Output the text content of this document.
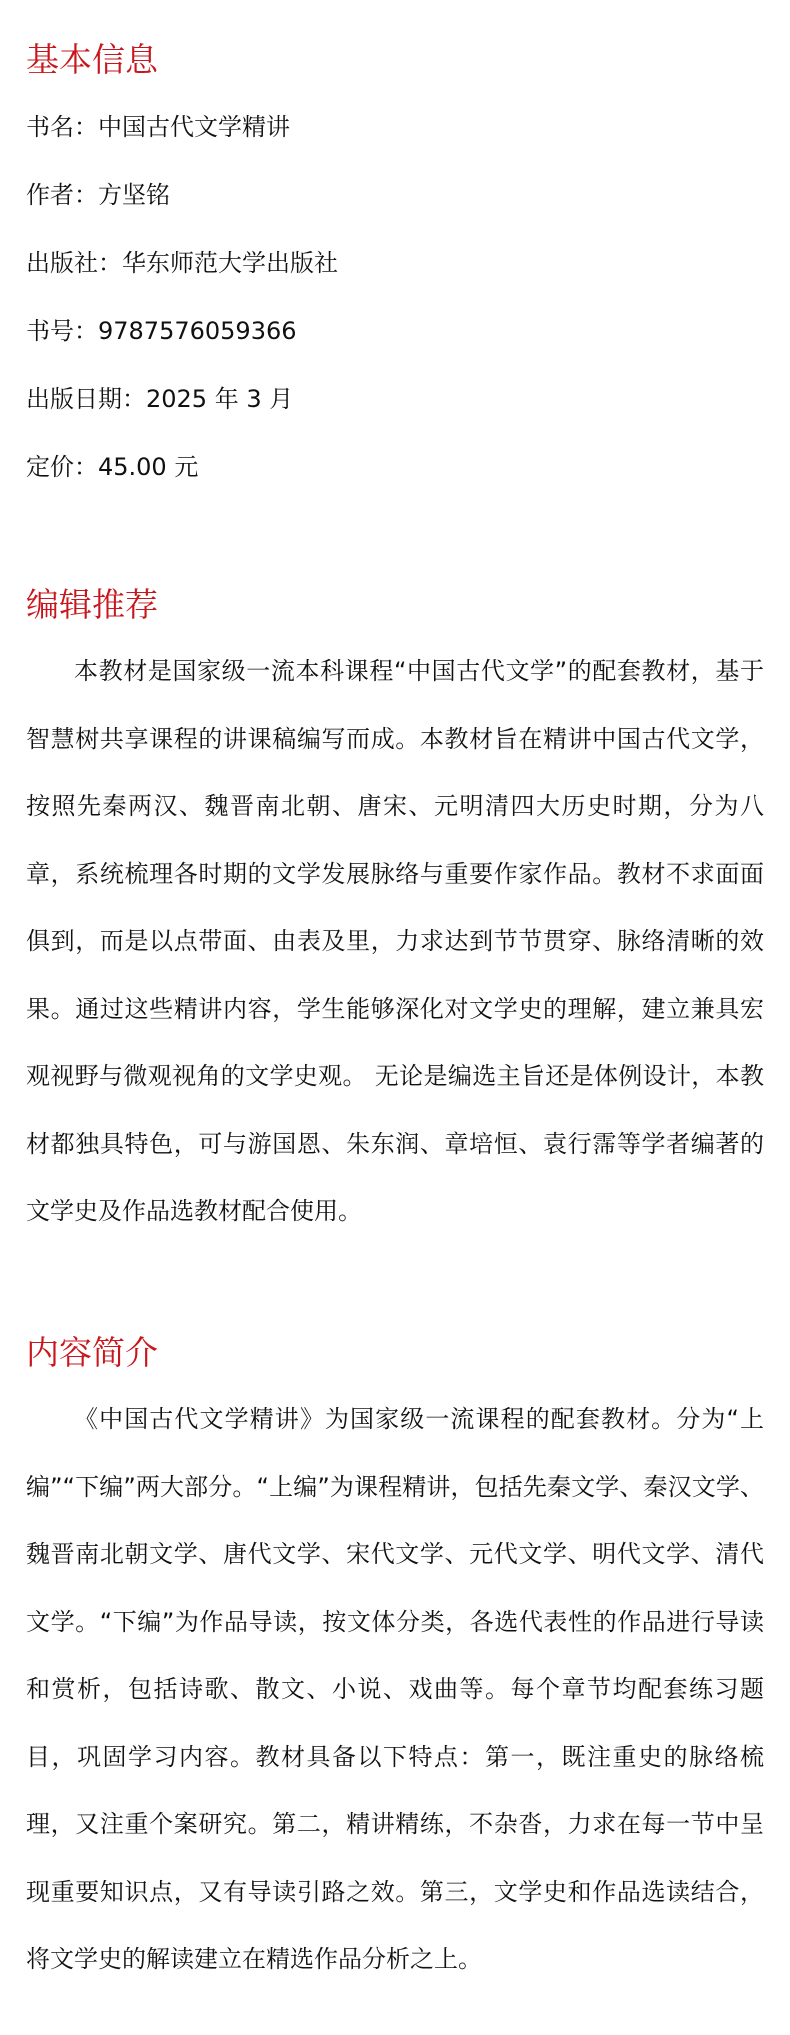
基本信息
书名：中国古代文学精讲
作者：方坚铭
出版社：华东师范大学出版社
书号：9787576059366
出版日期：2025 年 3 月
定价：45.00 元
编辑推荐

本教材是国家级一流本科课程“中国古代文学”的配套教材，基于智慧树共享课程的讲课稿编写而成。本教材旨在精讲中国古代文学，按照先秦两汉、魏晋南北朝、唐宋、元明清四大历史时期，分为八章，系统梳理各时期的文学发展脉络与重要作家作品。教材不求面面俱到，而是以点带面、由表及里，力求达到节节贯穿、脉络清晰的效果。通过这些精讲内容，学生能够深化对文学史的理解，建立兼具宏观视野与微观视角的文学史观。 无论是编选主旨还是体例设计，本教材都独具特色，可与游国恩、朱东润、章培恒、袁行霈等学者编著的文学史及作品选教材配合使用。

内容简介

《中国古代文学精讲》为国家级一流课程的配套教材。分为“上编”“下编”两大部分。“上编”为课程精讲，包括先秦文学、秦汉文学、魏晋南北朝文学、唐代文学、宋代文学、元代文学、明代文学、清代文学。“下编”为作品导读，按文体分类，各选代表性的作品进行导读和赏析，包括诗歌、散文、小说、戏曲等。每个章节均配套练习题目，巩固学习内容。教材具备以下特点：第一，既注重史的脉络梳理，又注重个案研究。第二，精讲精练，不杂沓，力求在每一节中呈现重要知识点，又有导读引路之效。第三，文学史和作品选读结合，将文学史的解读建立在精选作品分析之上。
